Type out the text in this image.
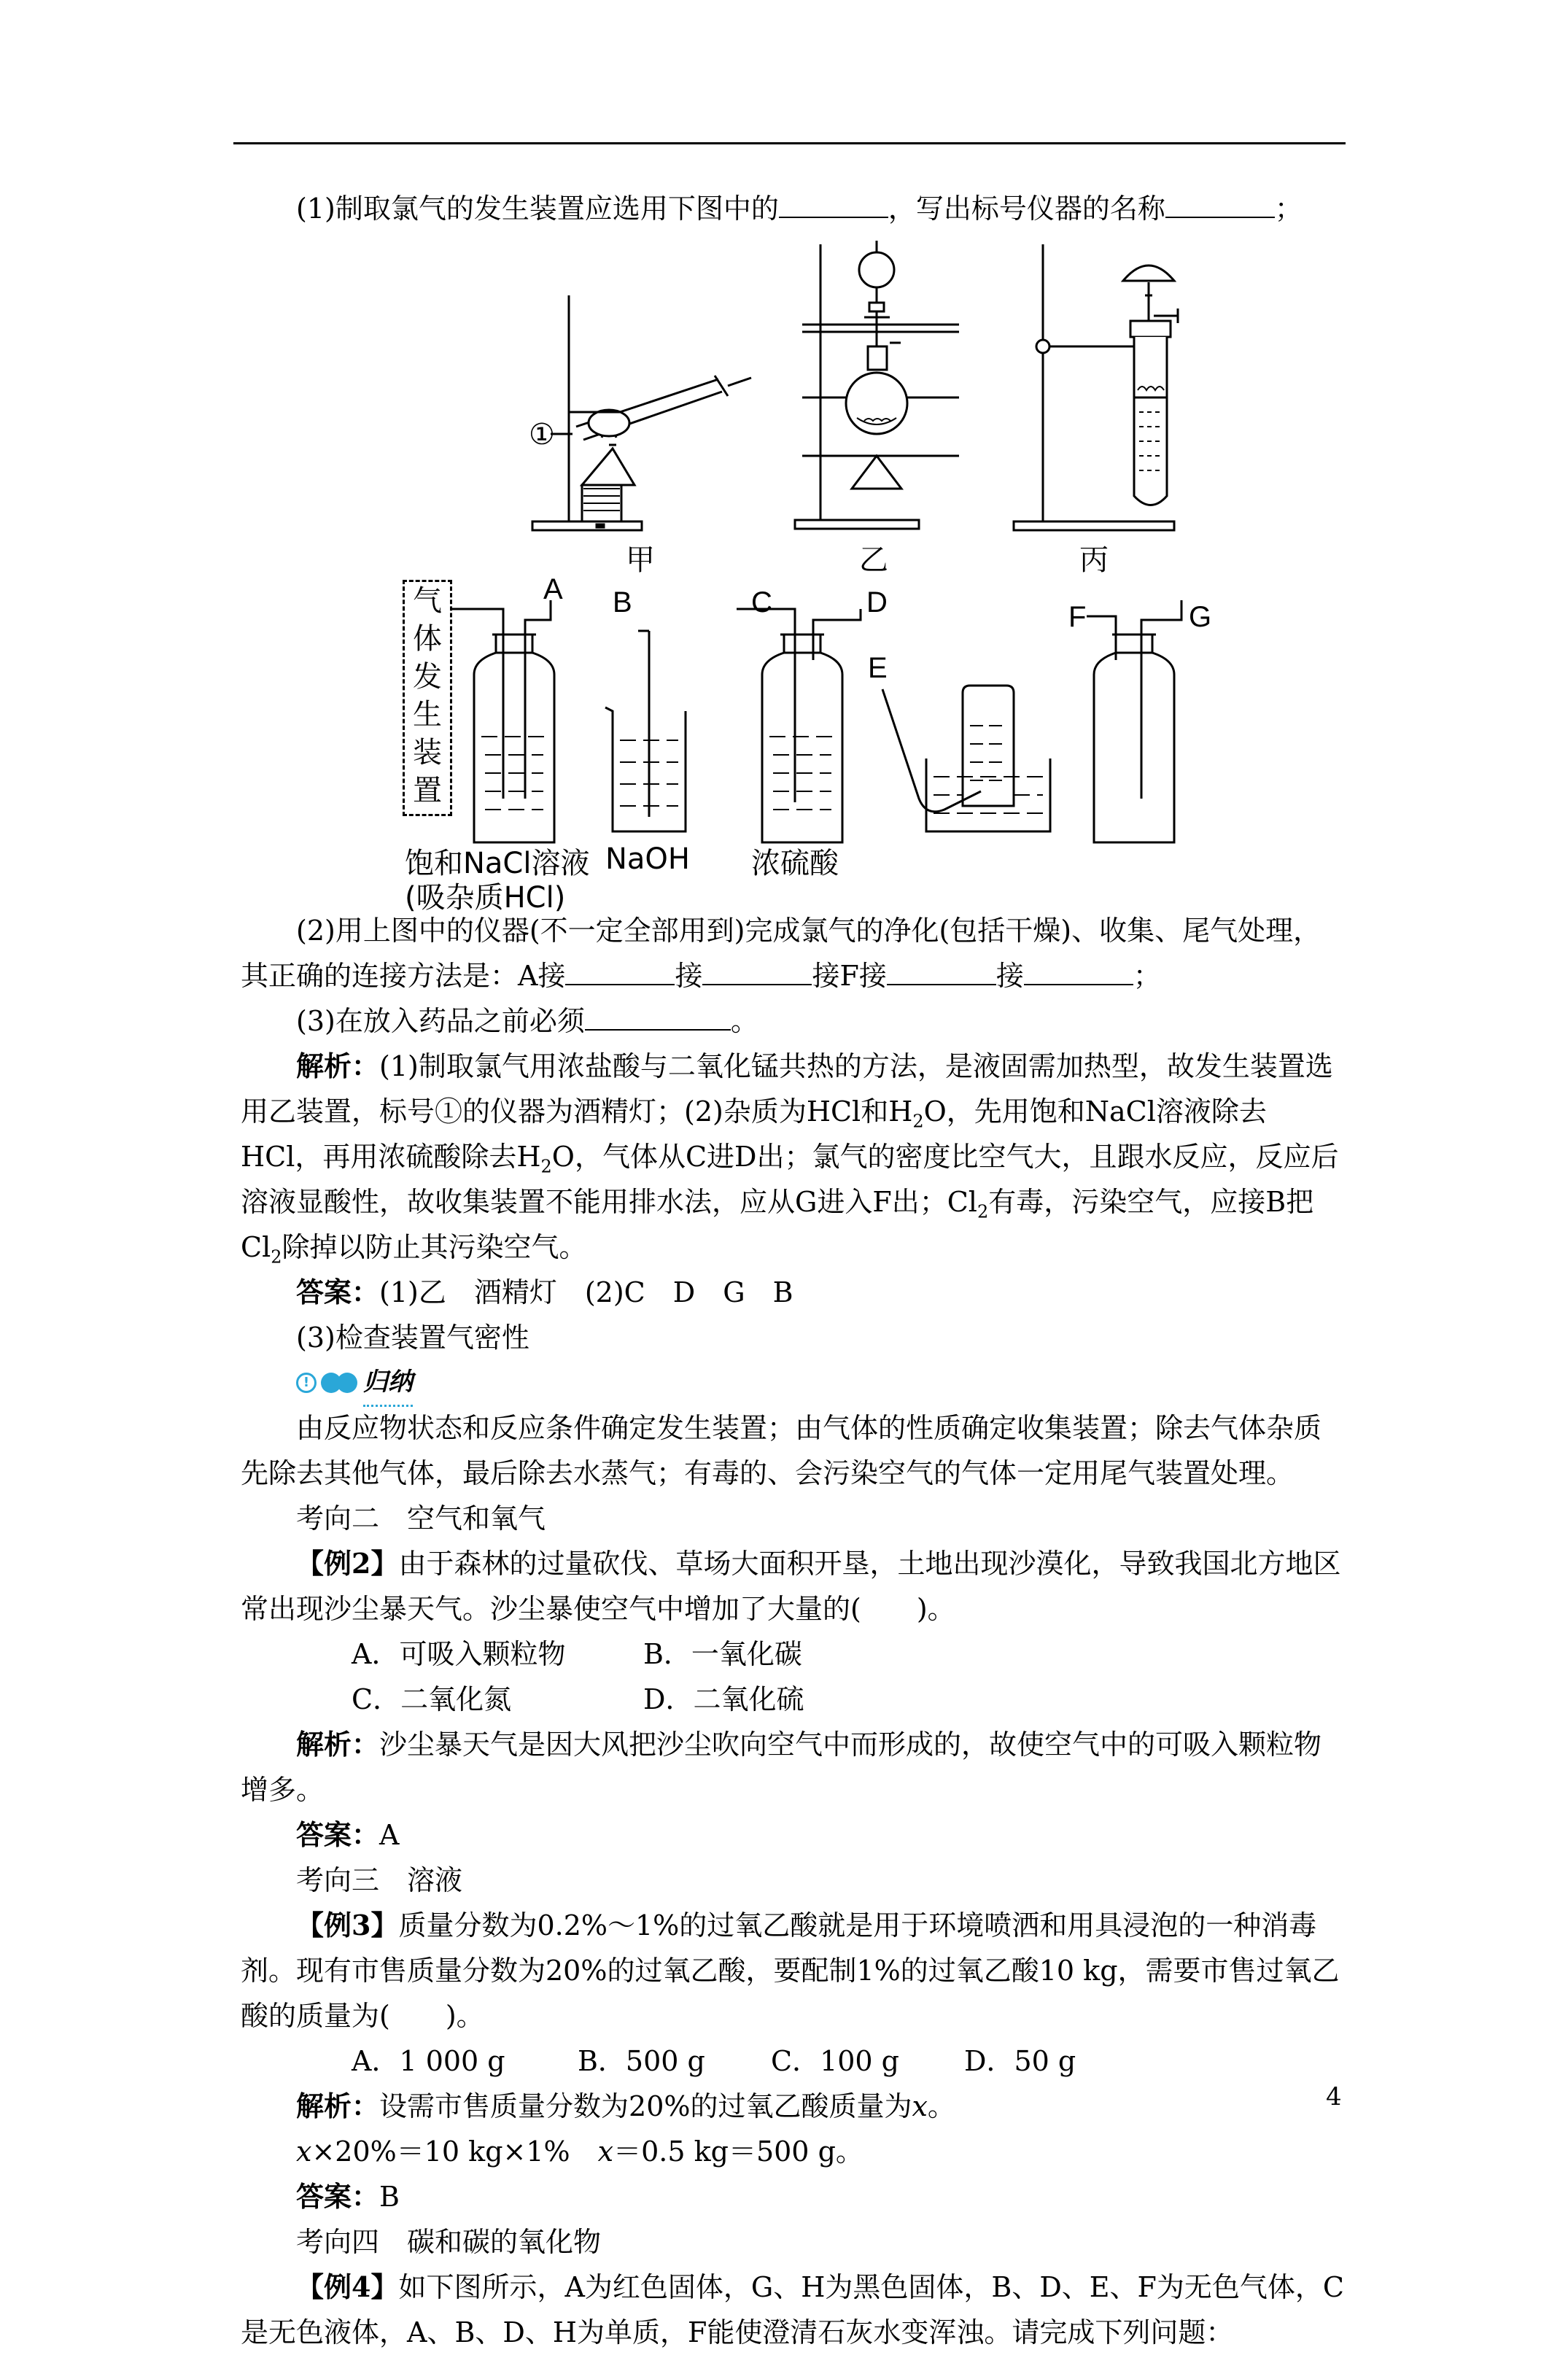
(1)制取氯气的发生装置应选用下图中的	，写出标号仪器的名称	；

①
甲	乙	丙
气
体
发
生
装
置
A B	C	D
E
F	G
饱和NaCl溶液
(吸杂质HCl)
NaOH 浓硫酸

(2)用上图中的仪器(不一定全部用到)完成氯气的净化(包括干燥)、收集、尾气处理，

其正确的连接方法是：A接	接	接F接	接	；

(3)在放入药品之前必须	。

解析：(1)制取氯气用浓盐酸与二氧化锰共热的方法，是液固需加热型，故发生装置选用乙装置，标号①的仪器为酒精灯；(2)杂质为HCl和$H_2O$，先用饱和NaCl溶液除去HCl，再用浓硫酸除去$H_2O$，气体从C进D出；氯气的密度比空气大，且跟水反应，反应后溶液显酸性，故收集装置不能用排水法，应从G进入F出；$Cl_2$有毒，污染空气，应接B把$Cl_2$除掉以防止其污染空气。

答案：(1)乙　酒精灯　(2)C　D　G　B

(3)检查装置气密性

! 归纳

由反应物状态和反应条件确定发生装置；由气体的性质确定收集装置；除去气体杂质先除去其他气体，最后除去水蒸气；有毒的、会污染空气的气体一定用尾气装置处理。

考向二　空气和氧气

【例2】由于森林的过量砍伐、草场大面积开垦，土地出现沙漠化，导致我国北方地区常出现沙尘暴天气。沙尘暴使空气中增加了大量的(　　)。

A．可吸入颗粒物	B．一氧化碳

C．二氧化氮	D．二氧化硫

解析：沙尘暴天气是因大风把沙尘吹向空气中而形成的，故使空气中的可吸入颗粒物增多。

答案：A

考向三　溶液

【例3】质量分数为0.2%～1%的过氧乙酸就是用于环境喷洒和用具浸泡的一种消毒剂。现有市售质量分数为20%的过氧乙酸，要配制1%的过氧乙酸10 kg，需要市售过氧乙酸的质量为(　　)。

A．1 000 g	B．500 g C．100 g D．50 g

解析：设需市售质量分数为20%的过氧乙酸质量为x。

x×20%＝10 kg×1%　x＝0.5 kg＝500 g。

答案：B

考向四　碳和碳的氧化物

【例4】如下图所示，A为红色固体，G、H为黑色固体，B、D、E、F为无色气体，C是无色液体，A、B、D、H为单质，F能使澄清石灰水变浑浊。请完成下列问题：

4
